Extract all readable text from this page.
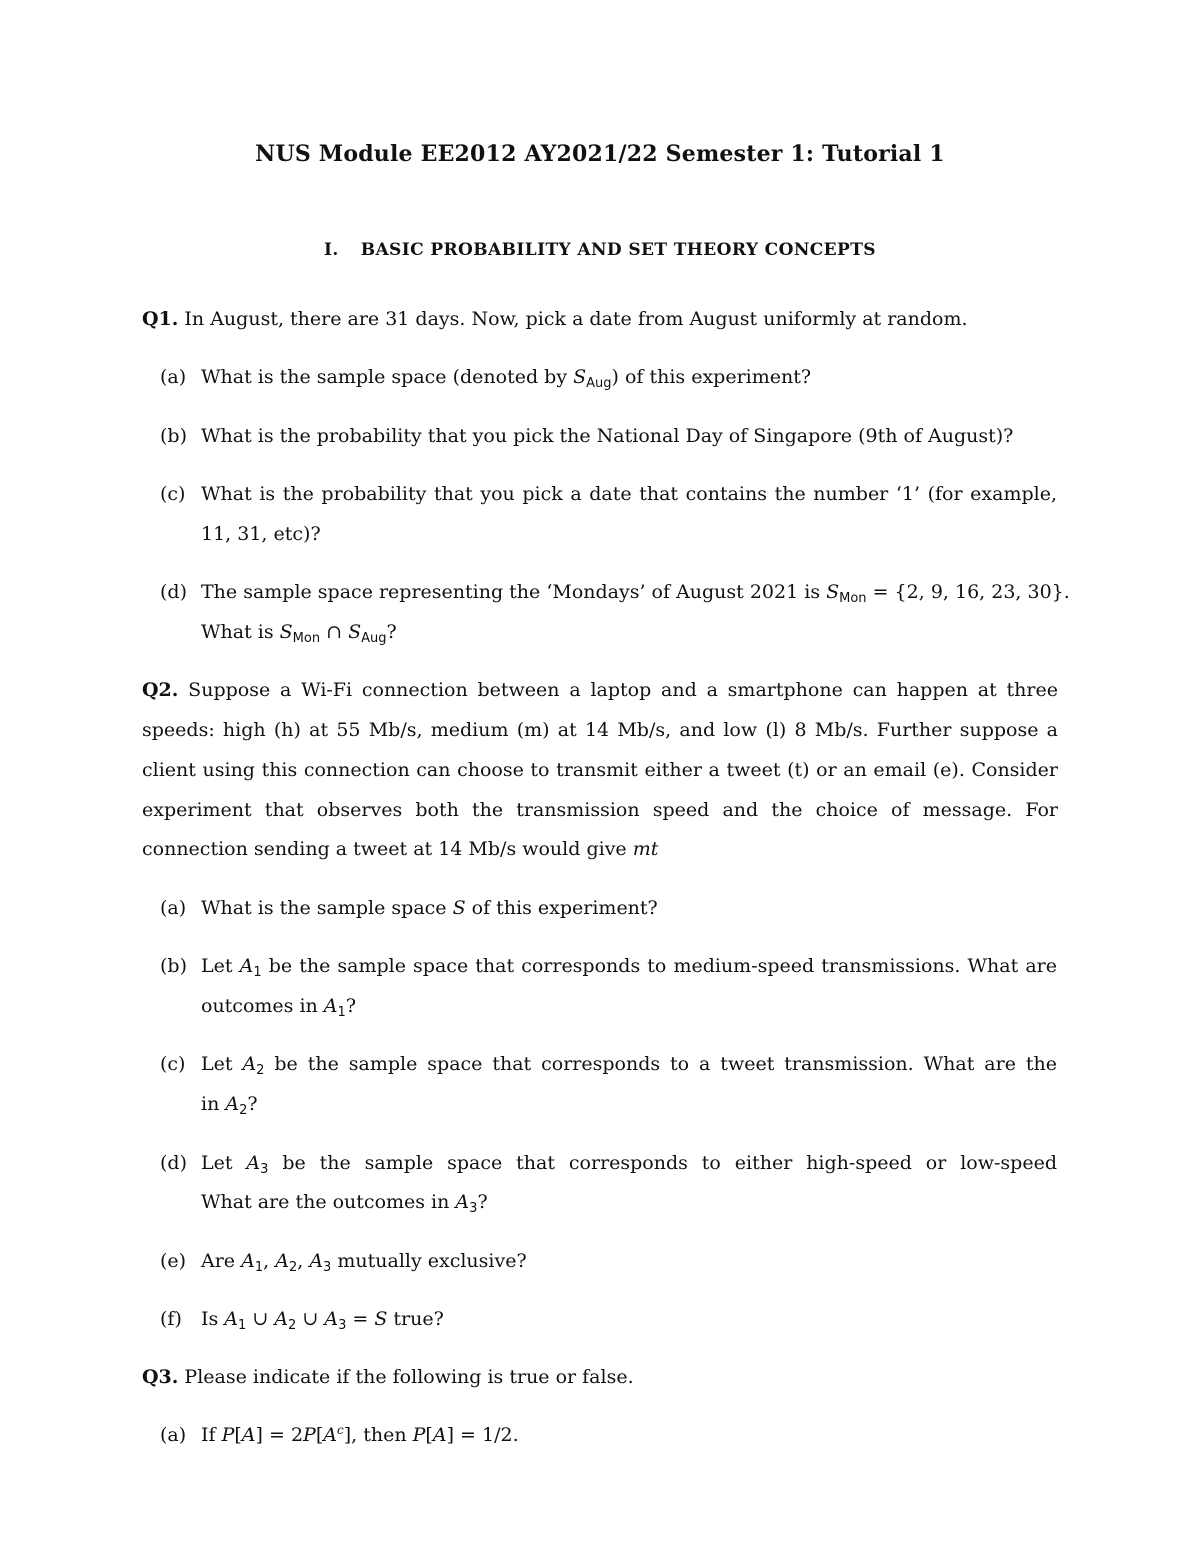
NUS Module EE2012 AY2021/22 Semester 1: Tutorial 1
I. BASIC PROBABILITY AND SET THEORY CONCEPTS
Q1. In August, there are 31 days. Now, pick a date from August uniformly at random.
(a) What is the sample space (denoted by $S_{Aug}$) of this experiment?
(b) What is the probability that you pick the National Day of Singapore (9th of August)?
(c) What is the probability that you pick a date that contains the number ‘1’ (for example,
11, 31, etc)?
(d) The sample space representing the ‘Mondays’ of August 2021 is $S_{Mon} = \{2$, 9, 16, 23, 30}.
What is $S_{Mon}$ ∩ $S_{Aug}$?
Q2. Suppose a Wi-Fi connection between a laptop and a smartphone can happen at three
speeds: high (h) at 55 Mb/s, medium (m) at 14 Mb/s, and low (l) 8 Mb/s. Further suppose a
client using this connection can choose to transmit either a tweet (t) or an email (e). Consider
experiment that observes both the transmission speed and the choice of message. For
connection sending a tweet at 14 Mb/s would give mt
(a) What is the sample space S of this experiment?
(b) Let $A_1$ be the sample space that corresponds to medium-speed transmissions. What are
outcomes in $A_1$?
(c) Let $A_2$ be the sample space that corresponds to a tweet transmission. What are the
in $A_2$?
(d) Let $A_3$ be the sample space that corresponds to either high-speed or low-speed
What are the outcomes in $A_3$?
(e) Are $A_1$, $A_2$, $A_3$ mutually exclusive?
(f) Is $A_1$ ∪ $A_2$ ∪ $A_3 = S$ true?
Q3. Please indicate if the following is true or false.
(a) If $P[A] = 2P[A^c]$, then P[A] = 1/2.
